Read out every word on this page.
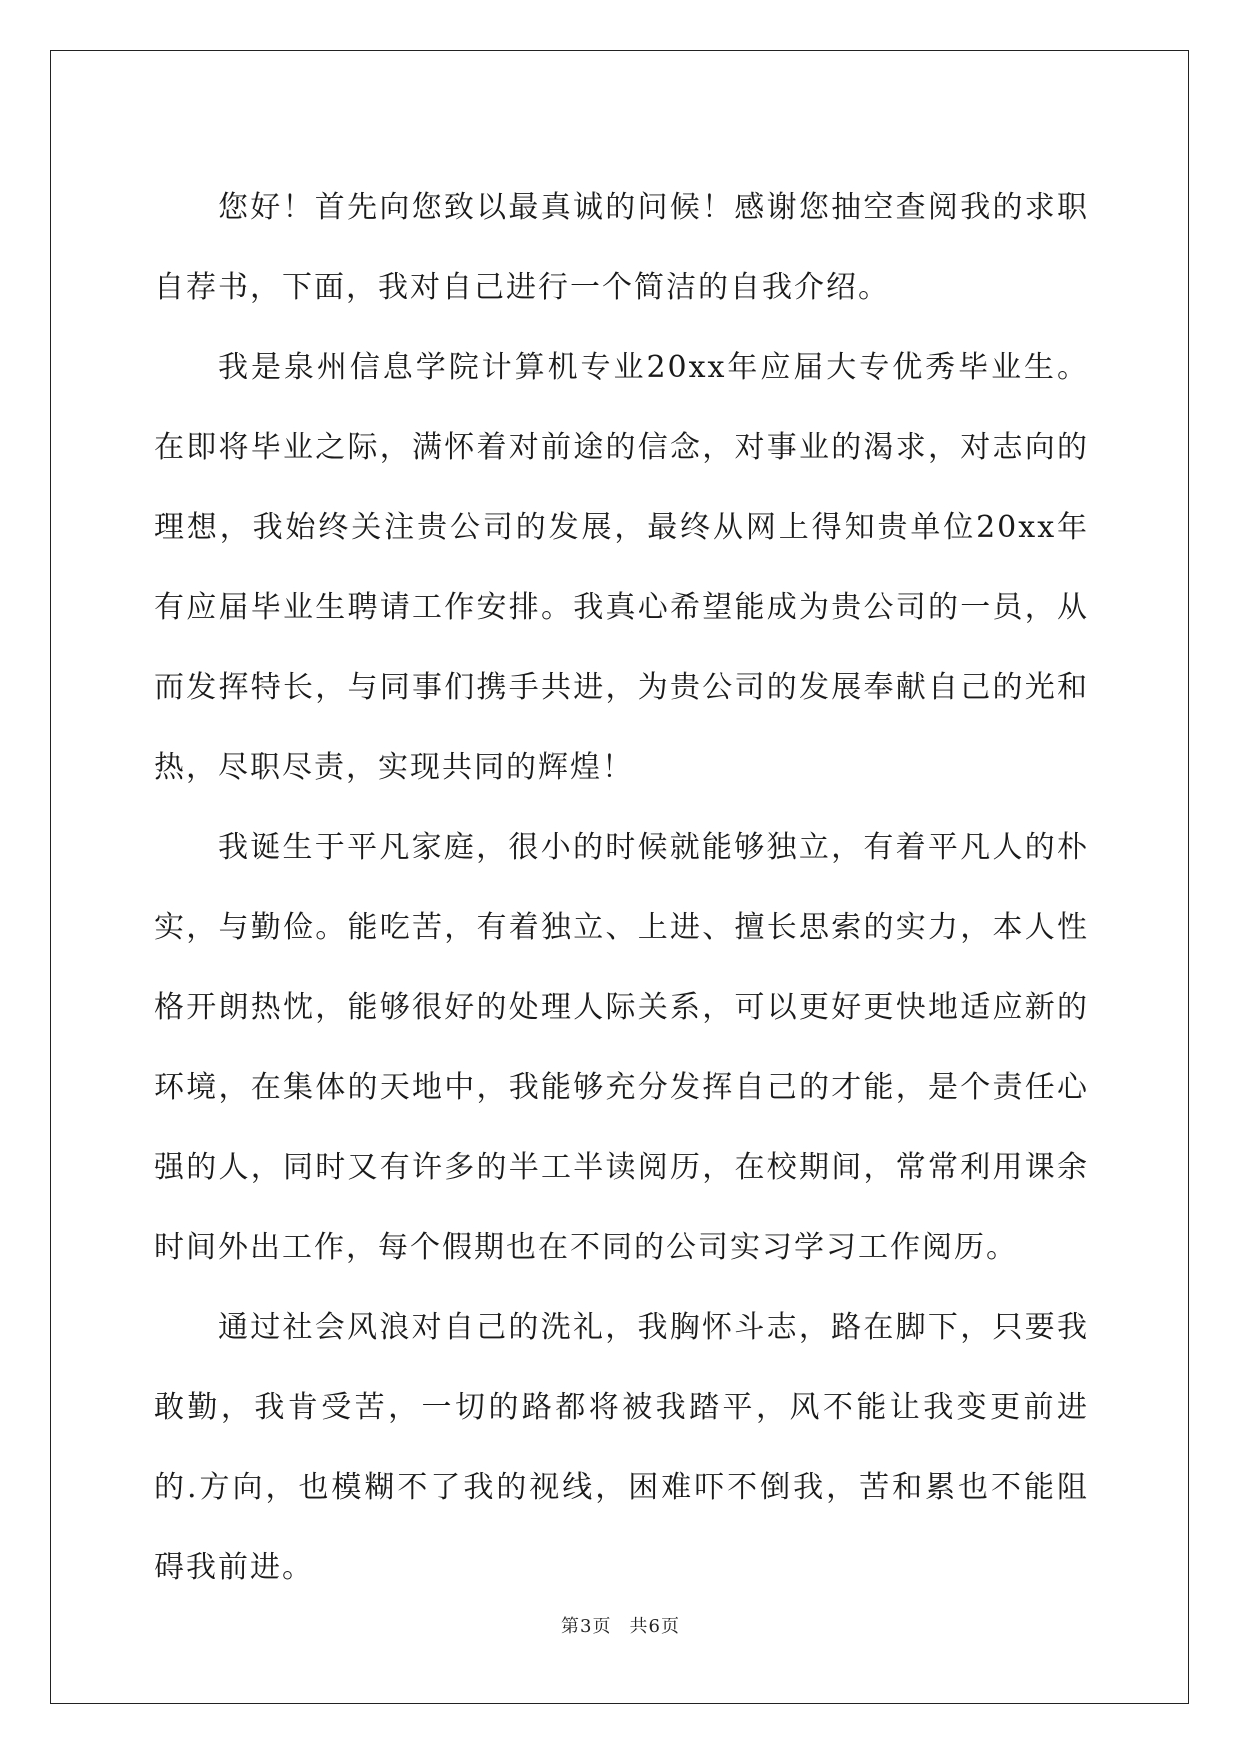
您好！首先向您致以最真诚的问候！感谢您抽空查阅我的求职自荐书，下面，我对自己进行一个简洁的自我介绍。

我是泉州信息学院计算机专业20xx年应届大专优秀毕业生。在即将毕业之际，满怀着对前途的信念，对事业的渴求，对志向的理想，我始终关注贵公司的发展，最终从网上得知贵单位20xx年有应届毕业生聘请工作安排。我真心希望能成为贵公司的一员，从而发挥特长，与同事们携手共进，为贵公司的发展奉献自己的光和热，尽职尽责，实现共同的辉煌！

我诞生于平凡家庭，很小的时候就能够独立，有着平凡人的朴实，与勤俭。能吃苦，有着独立、上进、擅长思索的实力，本人性格开朗热忱，能够很好的处理人际关系，可以更好更快地适应新的环境，在集体的天地中，我能够充分发挥自己的才能，是个责任心强的人，同时又有许多的半工半读阅历，在校期间，常常利用课余时间外出工作，每个假期也在不同的公司实习学习工作阅历。

通过社会风浪对自己的洗礼，我胸怀斗志，路在脚下，只要我敢勤，我肯受苦，一切的路都将被我踏平，风不能让我变更前进的.方向，也模糊不了我的视线，困难吓不倒我，苦和累也不能阻碍我前进。

第3页 共6页
